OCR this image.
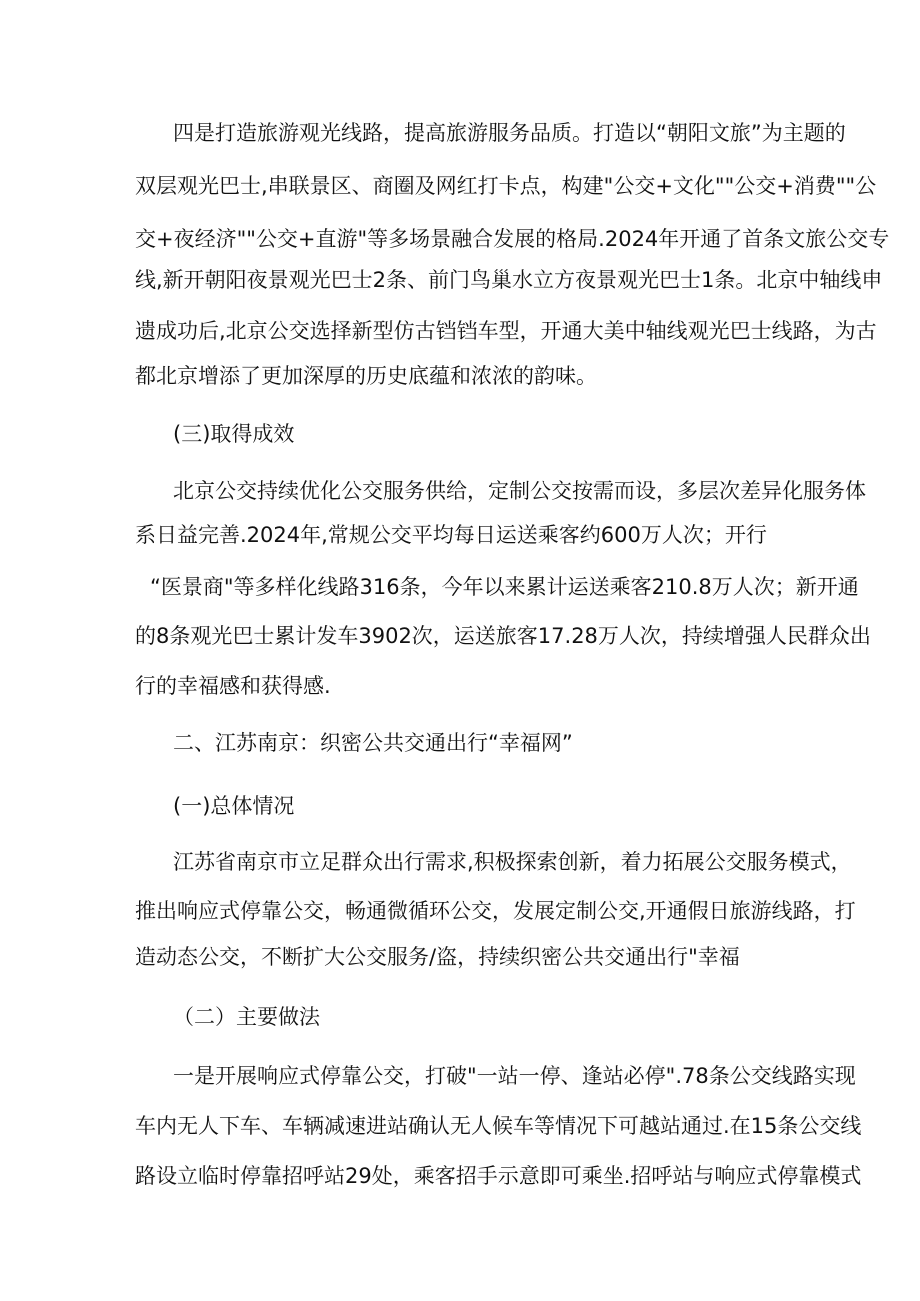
四是打造旅游观光线路，提高旅游服务品质。打造以“朝阳文旅”为主题的
双层观光巴士,串联景区、商圈及网红打卡点，构建"公交+文化""公交+消费""公
交+夜经济""公交+直游"等多场景融合发展的格局.2024年开通了首条文旅公交专
线,新开朝阳夜景观光巴士2条、前门鸟巢水立方夜景观光巴士1条。北京中轴线申
遗成功后,北京公交选择新型仿古铛铛车型，开通大美中轴线观光巴士线路，为古
都北京增添了更加深厚的历史底蕴和浓浓的韵味。
(三)取得成效
北京公交持续优化公交服务供给，定制公交按需而设，多层次差异化服务体
系日益完善.2024年,常规公交平均每日运送乘客约600万人次；开行
“医景商"等多样化线路316条，今年以来累计运送乘客210.8万人次；新开通
的8条观光巴士累计发车3902次，运送旅客17.28万人次，持续增强人民群众出
行的幸福感和获得感.
二、江苏南京：织密公共交通出行“幸福网”
(一)总体情况
江苏省南京市立足群众出行需求,积极探索创新，着力拓展公交服务模式，
推出响应式停靠公交，畅通微循环公交，发展定制公交,开通假日旅游线路，打
造动态公交，不断扩大公交服务/盗，持续织密公共交通出行"幸福
（二）主要做法
一是开展响应式停靠公交，打破"一站一停、逢站必停".78条公交线路实现
车内无人下车、车辆减速进站确认无人候车等情况下可越站通过.在15条公交线
路设立临时停靠招呼站29处，乘客招手示意即可乘坐.招呼站与响应式停靠模式
